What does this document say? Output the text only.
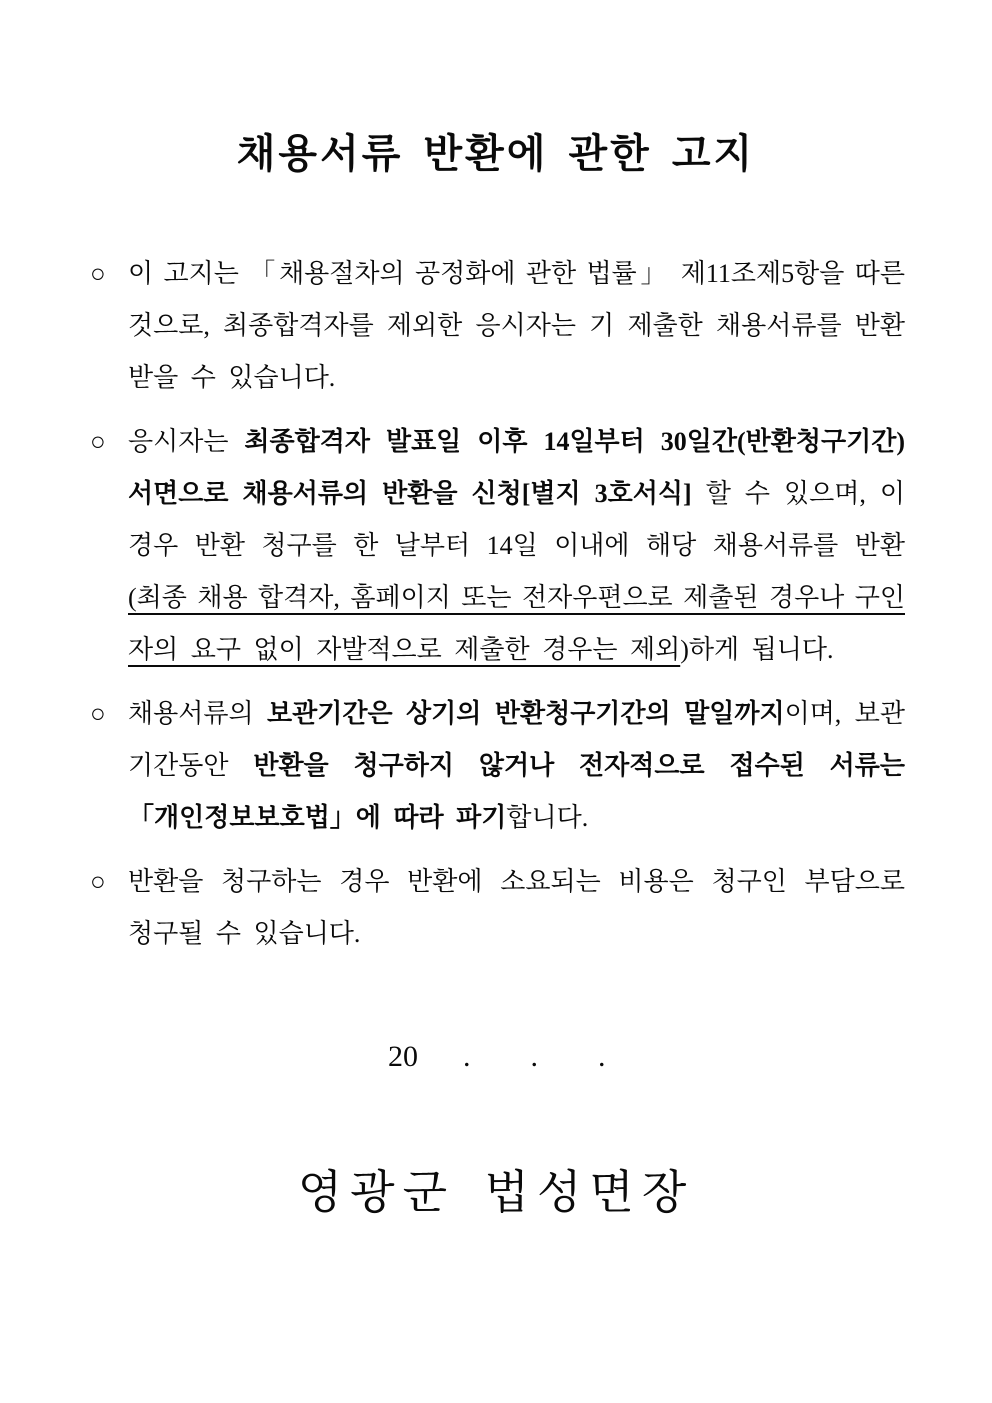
채용서류 반환에 관한 고지
○ 이 고지는 「채용절차의 공정화에 관한 법률」 제11조제5항을 따른
것으로, 최종합격자를 제외한 응시자는 기 제출한 채용서류를 반환
받을 수 있습니다.
○ 응시자는 최종합격자 발표일 이후 14일부터 30일간(반환청구기간)
서면으로 채용서류의 반환을 신청[별지 3호서식] 할 수 있으며, 이
경우 반환 청구를 한 날부터 14일 이내에 해당 채용서류를 반환
(최종 채용 합격자, 홈페이지 또는 전자우편으로 제출된 경우나 구인
자의 요구 없이 자발적으로 제출한 경우는 제외)하게 됩니다.
○ 채용서류의 보관기간은 상기의 반환청구기간의 말일까지이며, 보관
기간동안 반환을 청구하지 않거나 전자적으로 접수된 서류는
「개인정보보호법」에 따라 파기합니다.
○ 반환을 청구하는 경우 반환에 소요되는 비용은 청구인 부담으로
청구될 수 있습니다.
20      .        .        .
영광군 법성면장
